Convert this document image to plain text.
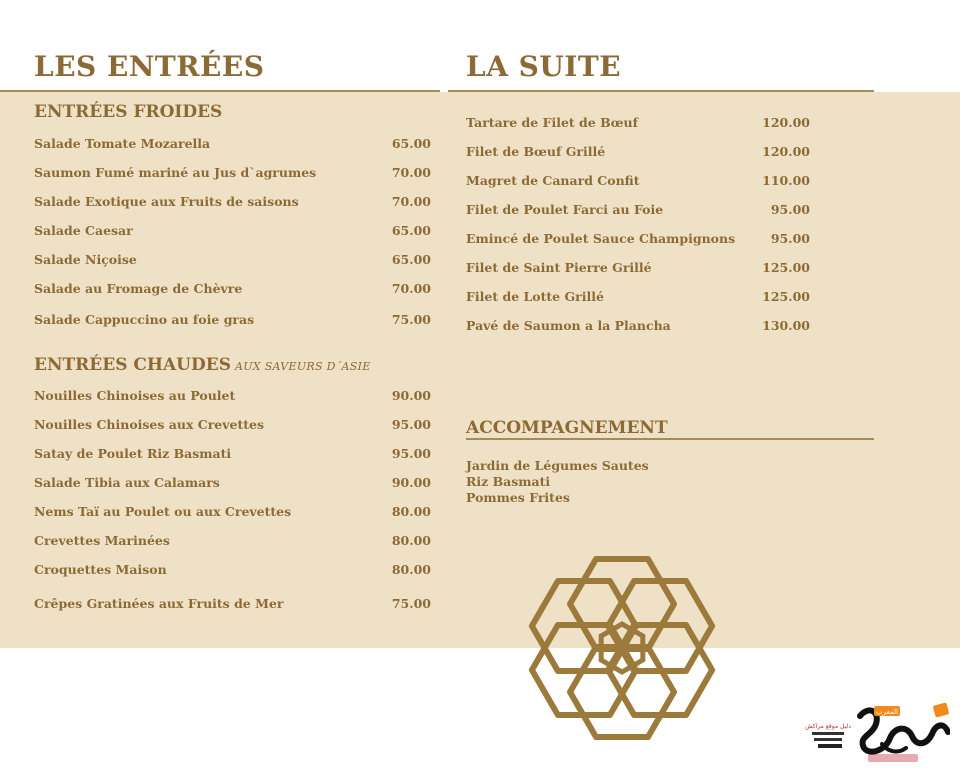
LES ENTRÉES	LA SUITE
ENTRÉES FROIDES
Salade Tomate Mozarella	65.00
Saumon Fumé mariné au Jus d`agrumes	70.00
Salade Exotique aux Fruits de saisons	70.00
Salade Caesar	65.00
Salade Niçoise	65.00
Salade au Fromage de Chèvre	70.00
Salade Cappuccino au foie gras	75.00
ENTRÉES CHAUDES AUX SAVEURS D´ASIE
Nouilles Chinoises au Poulet	90.00
Nouilles Chinoises aux Crevettes	95.00
Satay de Poulet Riz Basmati	95.00
Salade Tibia aux Calamars	90.00
Nems Taï au Poulet ou aux Crevettes	80.00
Crevettes Marinées	80.00
Croquettes Maison	80.00
Crêpes Gratinées aux Fruits de Mer	75.00
Tartare de Filet de Bœuf	120.00
Filet de Bœuf Grillé	120.00
Magret de Canard Confit	110.00
Filet de Poulet Farci au Foie	95.00
Emincé de Poulet Sauce Champignons	95.00
Filet de Saint Pierre Grillé	125.00
Filet de Lotte Grillé	125.00
Pavé de Saumon a la Plancha	130.00
ACCOMPAGNEMENT
Jardin de Légumes Sautes
Riz Basmati
Pommes Frites
المغرب
دليل موقع مراكش
